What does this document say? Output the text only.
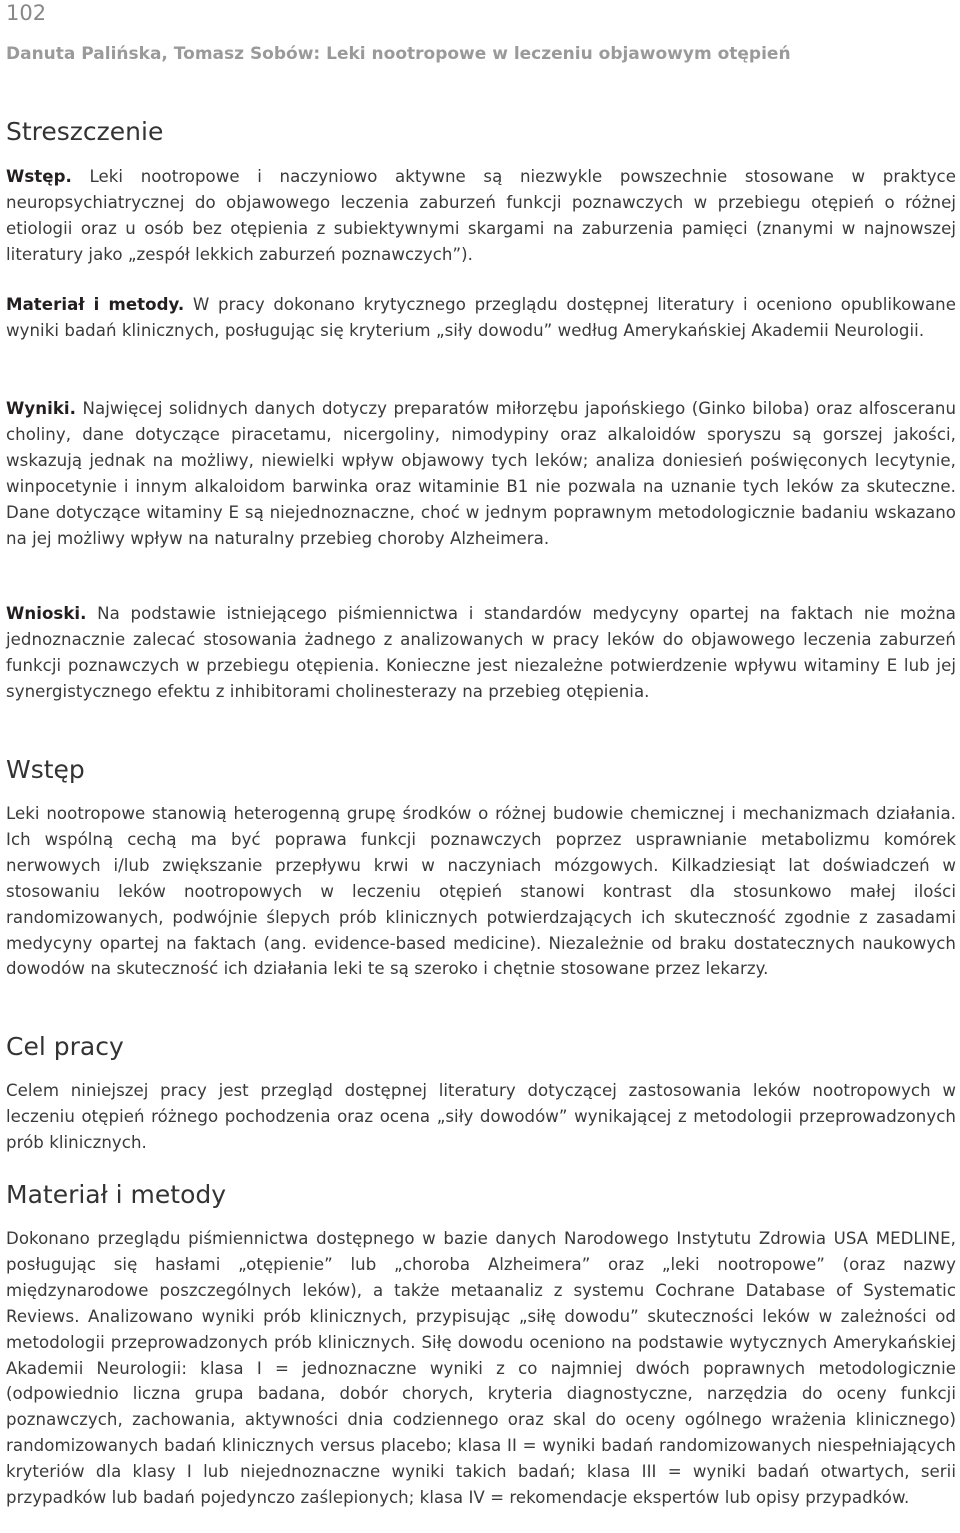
102
Danuta Palińska, Tomasz Sobów: Leki nootropowe w leczeniu objawowym otępień
Streszczenie

Wstęp. Leki nootropowe i naczyniowo aktywne są niezwykle powszechnie stosowane w praktyce neuropsychiatrycznej do objawowego leczenia zaburzeń funkcji poznawczych w przebiegu otępień o różnej etiologii oraz u osób bez otępienia z subiektywnymi skargami na zaburzenia pamięci (znanymi w najnowszej literatury jako „zespół lekkich zaburzeń poznawczych”).

Materiał i metody. W pracy dokonano krytycznego przeglądu dostępnej literatury i oceniono opublikowane wyniki badań klinicznych, posługując się kryterium „siły dowodu” według Amerykańskiej Akademii Neurologii.

Wyniki. Najwięcej solidnych danych dotyczy preparatów miłorzębu japońskiego (Ginko biloba) oraz alfosceranu choliny, dane dotyczące piracetamu, nicergoliny, nimodypiny oraz alkaloidów sporyszu są gorszej jakości, wskazują jednak na możliwy, niewielki wpływ objawowy tych leków; analiza doniesień poświęconych lecytynie, winpocetynie i innym alkaloidom barwinka oraz witaminie B1 nie pozwala na uznanie tych leków za skuteczne. Dane dotyczące witaminy E są niejednoznaczne, choć w jednym poprawnym metodologicznie badaniu wskazano na jej możliwy wpływ na naturalny przebieg choroby Alzheimera.

Wnioski. Na podstawie istniejącego piśmiennictwa i standardów medycyny opartej na faktach nie można jednoznacznie zalecać stosowania żadnego z analizowanych w pracy leków do objawowego leczenia zaburzeń funkcji poznawczych w przebiegu otępienia. Konieczne jest niezależne potwierdzenie wpływu witaminy E lub jej synergistycznego efektu z inhibitorami cholinesterazy na przebieg otępienia.

Wstęp

Leki nootropowe stanowią heterogenną grupę środków o różnej budowie chemicznej i mechanizmach działania. Ich wspólną cechą ma być poprawa funkcji poznawczych poprzez usprawnianie metabolizmu komórek nerwowych i/lub zwiększanie przepływu krwi w naczyniach mózgowych. Kilkadziesiąt lat doświadczeń w stosowaniu leków nootropowych w leczeniu otępień stanowi kontrast dla stosunkowo małej ilości randomizowanych, podwójnie ślepych prób klinicznych potwierdzających ich skuteczność zgodnie z zasadami medycyny opartej na faktach (ang. evidence-based medicine). Niezależnie od braku dostatecznych naukowych dowodów na skuteczność ich działania leki te są szeroko i chętnie stosowane przez lekarzy.

Cel pracy

Celem niniejszej pracy jest przegląd dostępnej literatury dotyczącej zastosowania leków nootropowych w leczeniu otępień różnego pochodzenia oraz ocena „siły dowodów” wynikającej z metodologii przeprowadzonych prób klinicznych.

Materiał i metody

Dokonano przeglądu piśmiennictwa dostępnego w bazie danych Narodowego Instytutu Zdrowia USA MEDLINE, posługując się hasłami „otępienie” lub „choroba Alzheimera” oraz „leki nootropowe” (oraz nazwy międzynarodowe poszczególnych leków), a także metaanaliz z systemu Cochrane Database of Systematic Reviews. Analizowano wyniki prób klinicznych, przypisując „siłę dowodu” skuteczności leków w zależności od metodologii przeprowadzonych prób klinicznych. Siłę dowodu oceniono na podstawie wytycznych Amerykańskiej Akademii Neurologii: klasa I = jednoznaczne wyniki z co najmniej dwóch poprawnych metodologicznie (odpowiednio liczna grupa badana, dobór chorych, kryteria diagnostyczne, narzędzia do oceny funkcji poznawczych, zachowania, aktywności dnia codziennego oraz skal do oceny ogólnego wrażenia klinicznego) randomizowanych badań klinicznych versus placebo; klasa II = wyniki badań randomizowanych niespełniających kryteriów dla klasy I lub niejednoznaczne wyniki takich badań; klasa III = wyniki badań otwartych, serii przypadków lub badań pojedynczo zaślepionych; klasa IV = rekomendacje ekspertów lub opisy przypadków.
